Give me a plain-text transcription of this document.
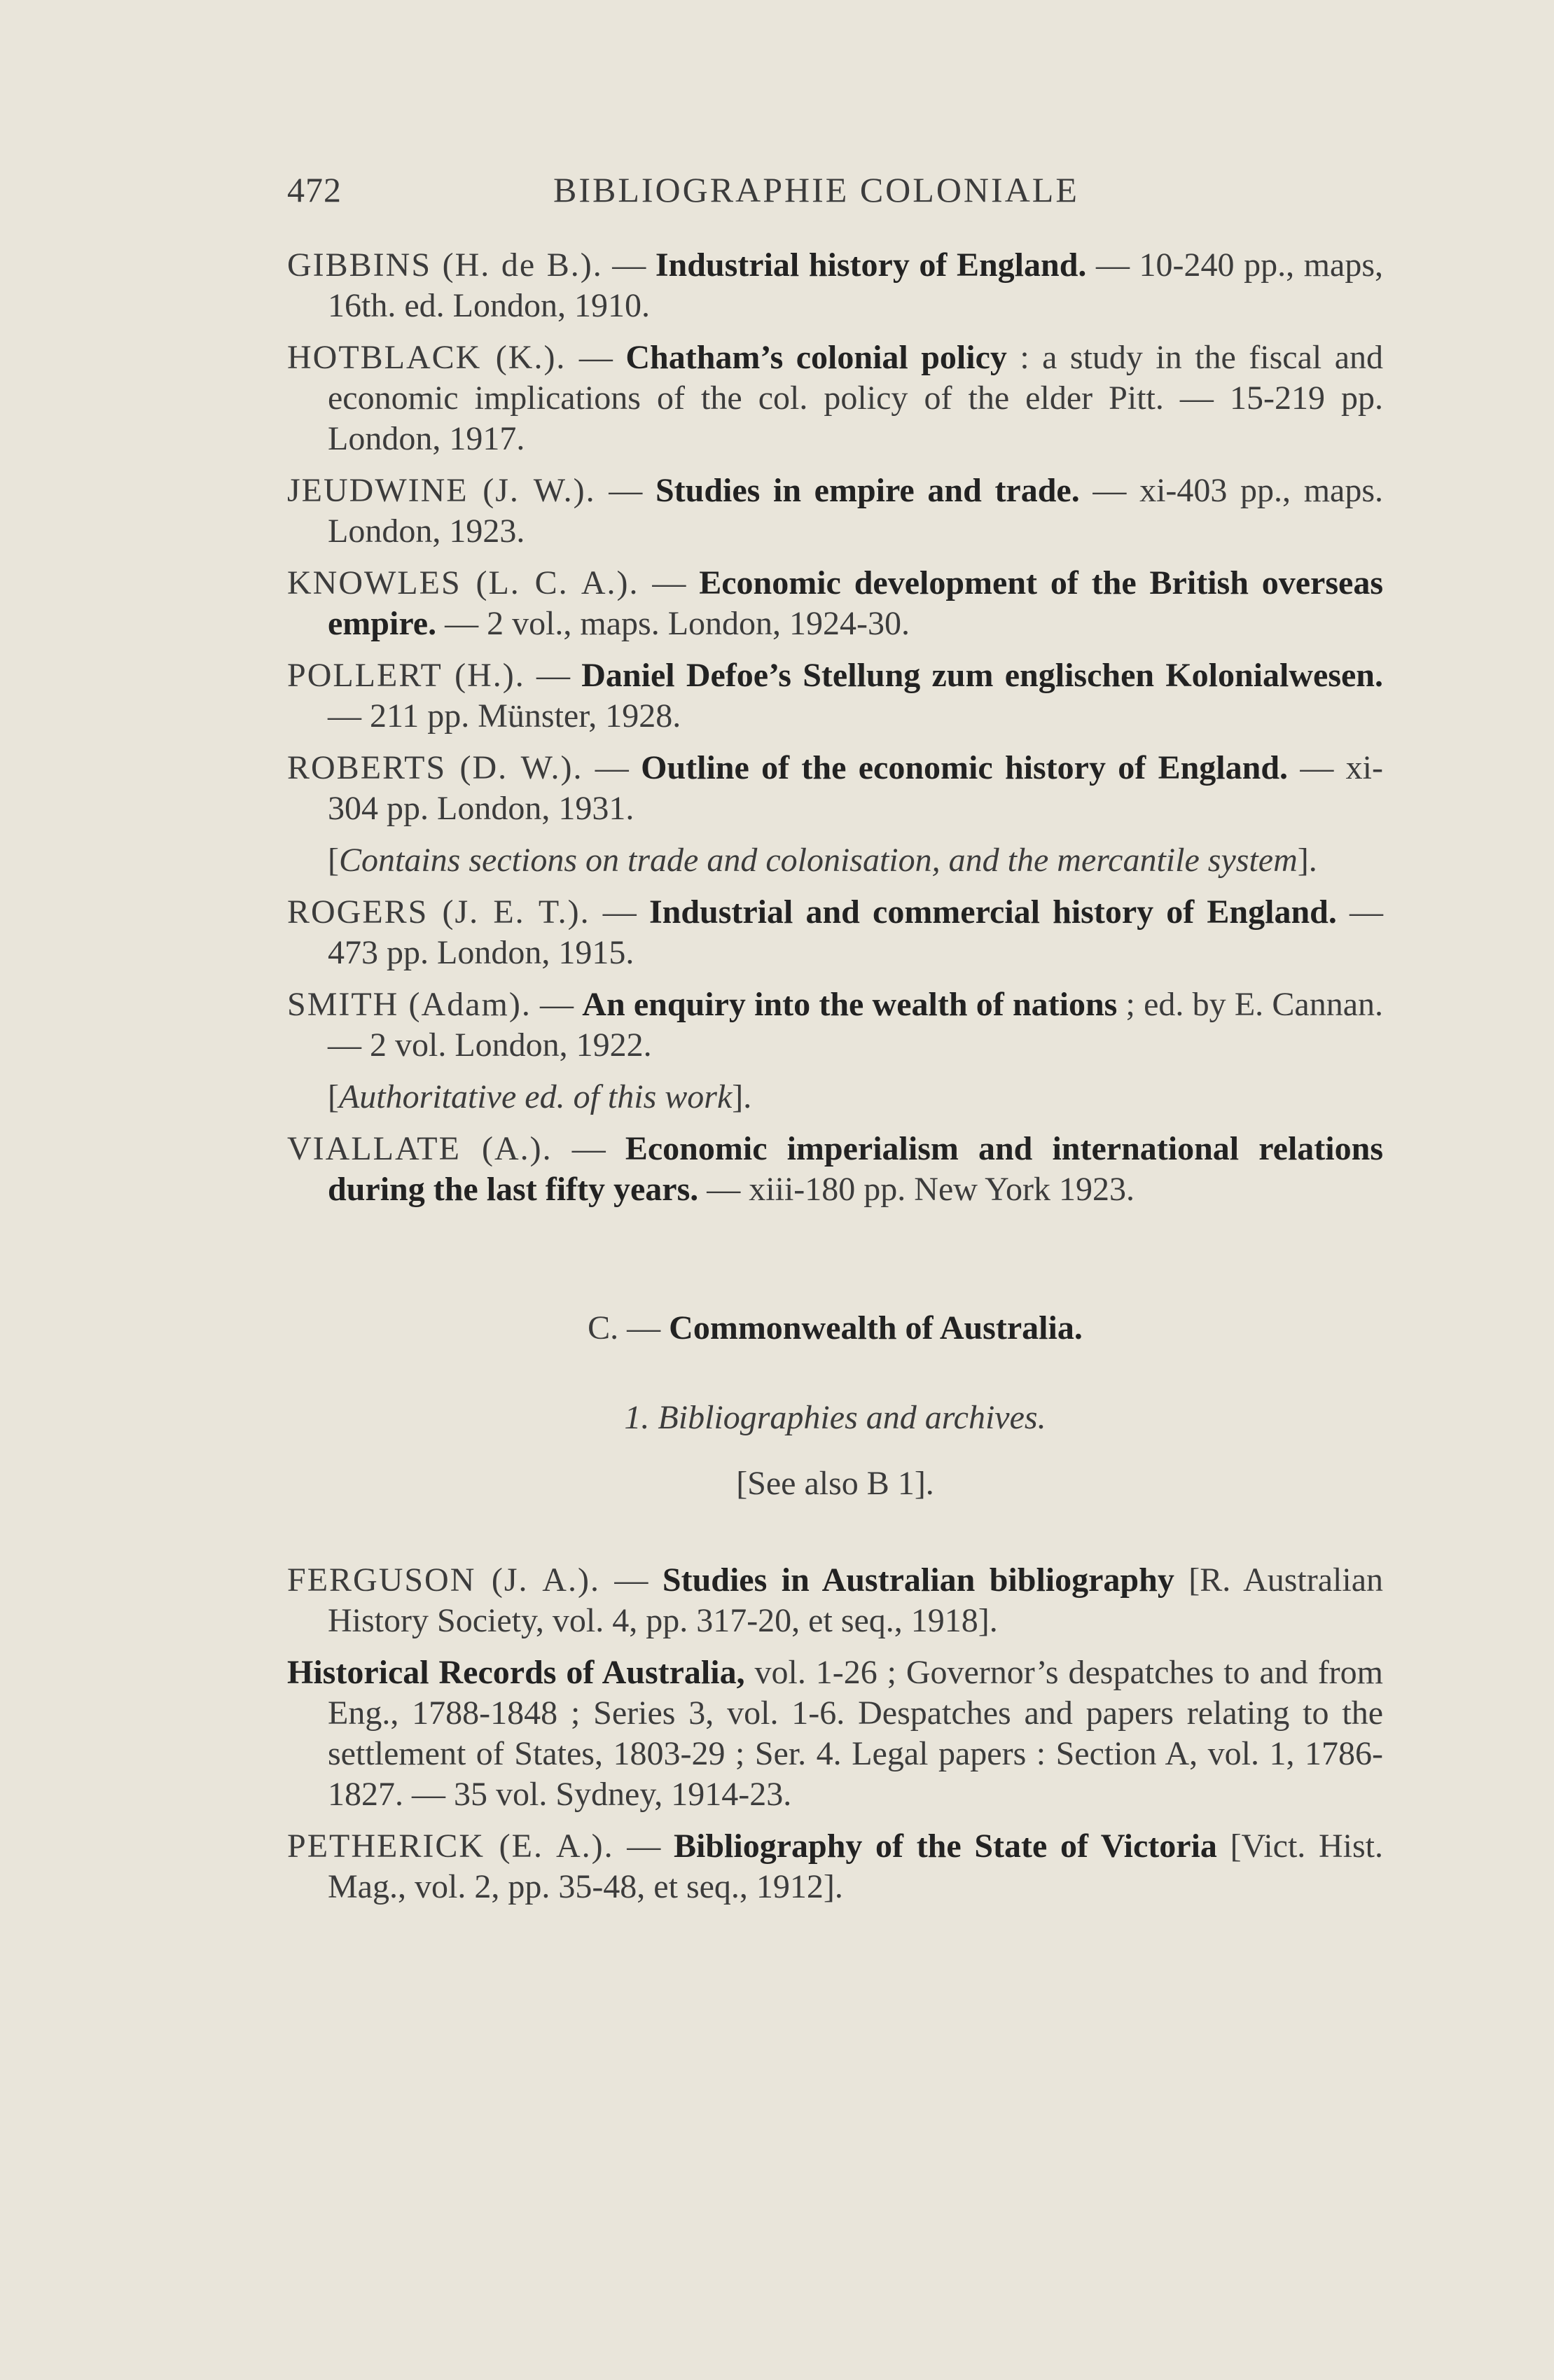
472	BIBLIOGRAPHIE COLONIALE
GIBBINS (H. de B.). — Industrial history of England. — 10-240 pp., maps, 16th. ed. London, 1910.
HOTBLACK (K.). — Chatham’s colonial policy : a study in the fiscal and economic implications of the col. policy of the elder Pitt. — 15-219 pp. London, 1917.
JEUDWINE (J. W.). — Studies in empire and trade. — xi-403 pp., maps. London, 1923.
KNOWLES (L. C. A.). — Economic development of the British overseas empire. — 2 vol., maps. London, 1924-30.
POLLERT (H.). — Daniel Defoe’s Stellung zum englischen Kolonialwesen. — 211 pp. Münster, 1928.
ROBERTS (D. W.). — Outline of the economic history of England. — xi-304 pp. London, 1931.
[Contains sections on trade and colonisation, and the mercantile system].
ROGERS (J. E. T.). — Industrial and commercial history of England. — 473 pp. London, 1915.
SMITH (Adam). — An enquiry into the wealth of nations ; ed. by E. Cannan. — 2 vol. London, 1922.
[Authoritative ed. of this work].
VIALLATE (A.). — Economic imperialism and international relations during the last fifty years. — xiii-180 pp. New York 1923.
C. — Commonwealth of Australia.
1. Bibliographies and archives.
[See also B 1].
FERGUSON (J. A.). — Studies in Australian bibliography [R. Australian History Society, vol. 4, pp. 317-20, et seq., 1918].
Historical Records of Australia, vol. 1-26 ; Governor’s despatches to and from Eng., 1788-1848 ; Series 3, vol. 1-6. Despatches and papers relating to the settlement of States, 1803-29 ; Ser. 4. Legal papers : Section A, vol. 1, 1786-1827. — 35 vol. Sydney, 1914-23.
PETHERICK (E. A.). — Bibliography of the State of Victoria [Vict. Hist. Mag., vol. 2, pp. 35-48, et seq., 1912].
